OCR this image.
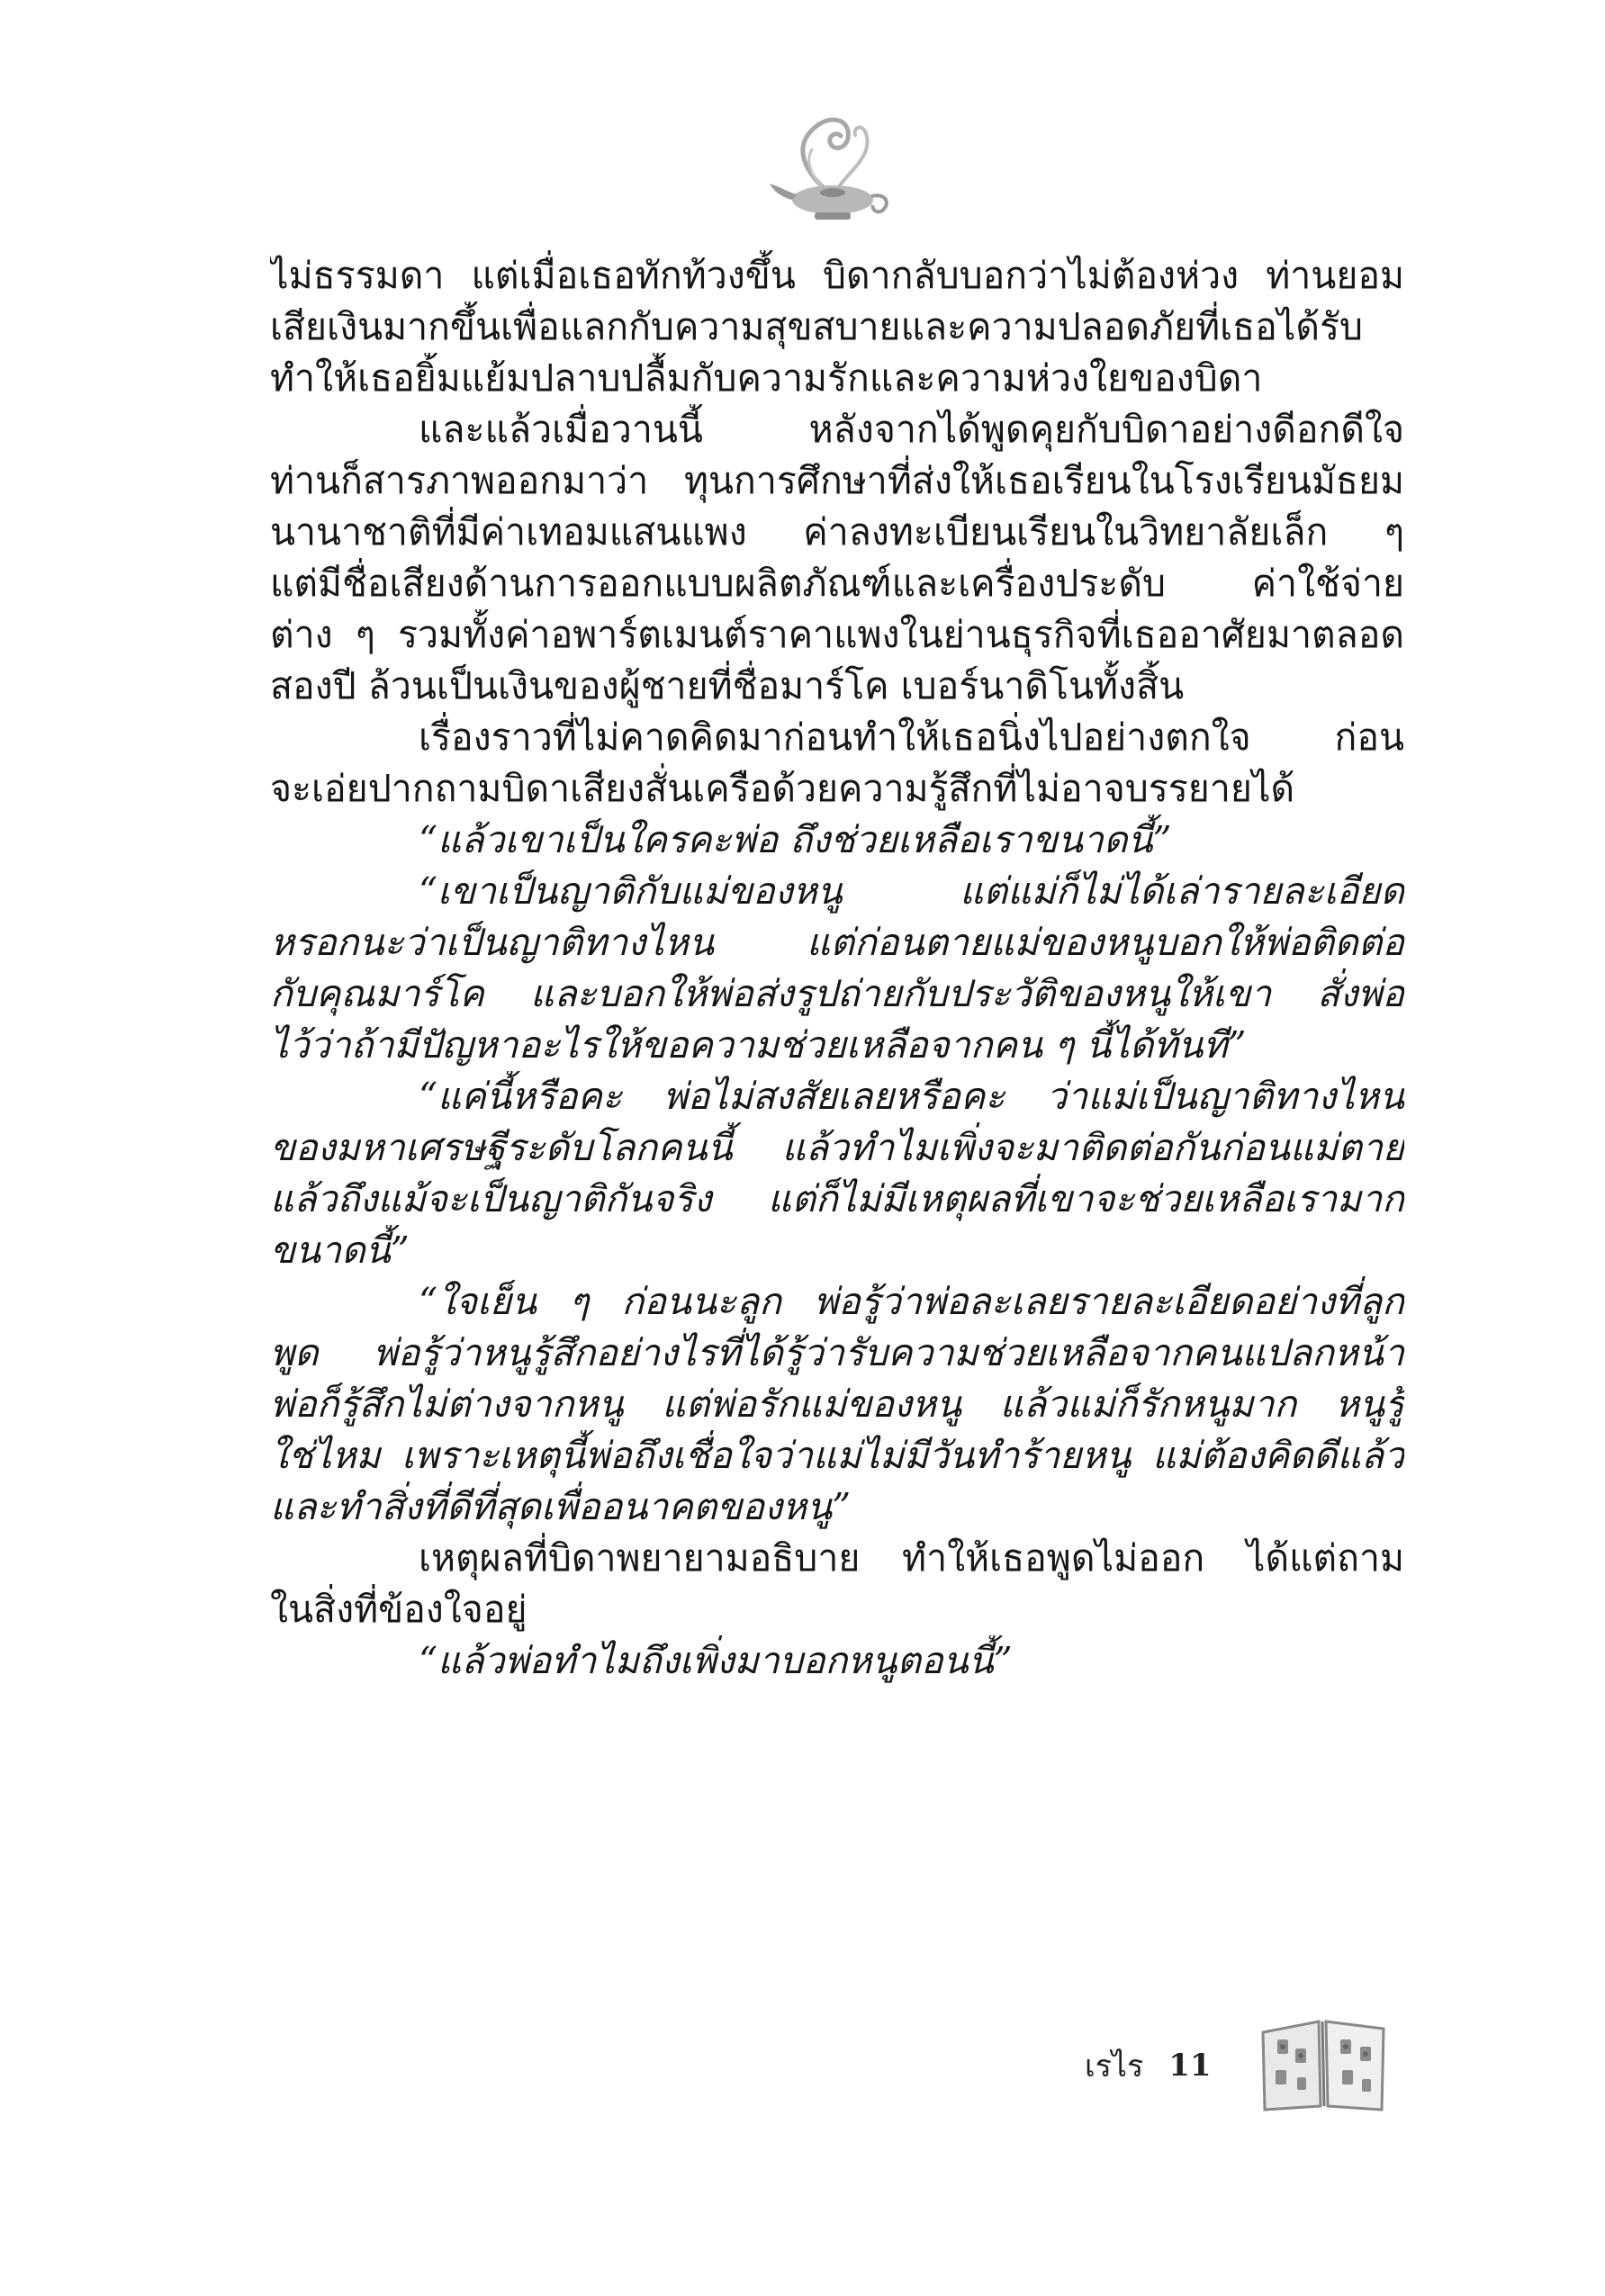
ไม่ธรรมดา แต่เมื่อเธอทักท้วงขึ้น บิดากลับบอกว่าไม่ต้องห่วง ท่านยอม
เสียเงินมากขึ้นเพื่อแลกกับความสุขสบายและความปลอดภัยที่เธอได้รับ
ทำให้เธอยิ้มแย้มปลาบปลื้มกับความรักและความห่วงใยของบิดา
และแล้วเมื่อวานนี้ หลังจากได้พูดคุยกับบิดาอย่างดีอกดีใจ
ท่านก็สารภาพออกมาว่า ทุนการศึกษาที่ส่งให้เธอเรียนในโรงเรียนมัธยม
นานาชาติที่มีค่าเทอมแสนแพง ค่าลงทะเบียนเรียนในวิทยาลัยเล็ก ๆ
แต่มีชื่อเสียงด้านการออกแบบผลิตภัณฑ์และเครื่องประดับ ค่าใช้จ่าย
ต่าง ๆ รวมทั้งค่าอพาร์ตเมนต์ราคาแพงในย่านธุรกิจที่เธออาศัยมาตลอด
สองปี ล้วนเป็นเงินของผู้ชายที่ชื่อมาร์โค เบอร์นาดิโนทั้งสิ้น
เรื่องราวที่ไม่คาดคิดมาก่อนทำให้เธอนิ่งไปอย่างตกใจ ก่อน
จะเอ่ยปากถามบิดาเสียงสั่นเครือด้วยความรู้สึกที่ไม่อาจบรรยายได้
“แล้วเขาเป็นใครคะพ่อ ถึงช่วยเหลือเราขนาดนี้”
“เขาเป็นญาติกับแม่ของหนู แต่แม่ก็ไม่ได้เล่ารายละเอียด
หรอกนะว่าเป็นญาติทางไหน แต่ก่อนตายแม่ของหนูบอกให้พ่อติดต่อ
กับคุณมาร์โค และบอกให้พ่อส่งรูปถ่ายกับประวัติของหนูให้เขา สั่งพ่อ
ไว้ว่าถ้ามีปัญหาอะไรให้ขอความช่วยเหลือจากคน ๆ นี้ได้ทันที”
“แค่นี้หรือคะ พ่อไม่สงสัยเลยหรือคะ ว่าแม่เป็นญาติทางไหน
ของมหาเศรษฐีระดับโลกคนนี้ แล้วทำไมเพิ่งจะมาติดต่อกันก่อนแม่ตาย
แล้วถึงแม้จะเป็นญาติกันจริง แต่ก็ไม่มีเหตุผลที่เขาจะช่วยเหลือเรามาก
ขนาดนี้”
“ใจเย็น ๆ ก่อนนะลูก พ่อรู้ว่าพ่อละเลยรายละเอียดอย่างที่ลูก
พูด พ่อรู้ว่าหนูรู้สึกอย่างไรที่ได้รู้ว่ารับความช่วยเหลือจากคนแปลกหน้า
พ่อก็รู้สึกไม่ต่างจากหนู แต่พ่อรักแม่ของหนู แล้วแม่ก็รักหนูมาก หนูรู้
ใช่ไหม เพราะเหตุนี้พ่อถึงเชื่อใจว่าแม่ไม่มีวันทำร้ายหนู แม่ต้องคิดดีแล้ว
และทำสิ่งที่ดีที่สุดเพื่ออนาคตของหนู”
เหตุผลที่บิดาพยายามอธิบาย ทำให้เธอพูดไม่ออก ได้แต่ถาม
ในสิ่งที่ข้องใจอยู่
“แล้วพ่อทำไมถึงเพิ่งมาบอกหนูตอนนี้”
เรไร 11
